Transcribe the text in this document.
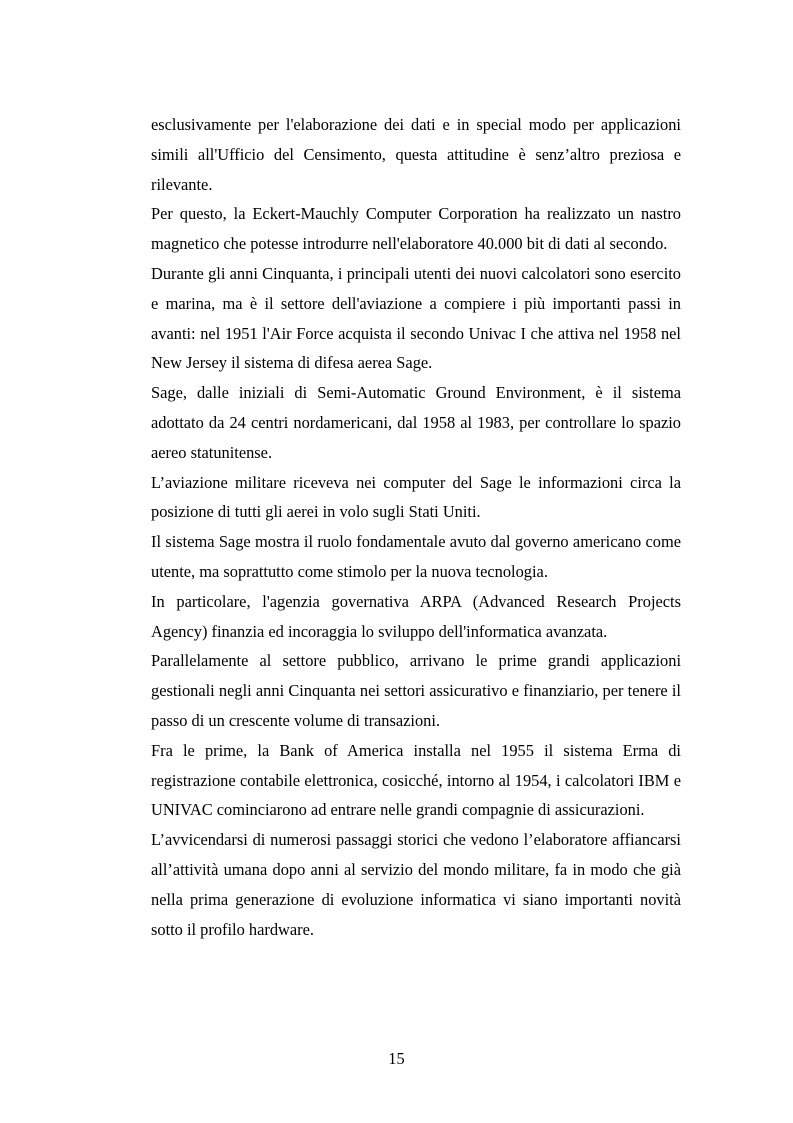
esclusivamente per l'elaborazione dei dati e in special modo per applicazioni simili all'Ufficio del Censimento, questa attitudine è senz’altro preziosa e rilevante.

Per questo, la Eckert-Mauchly Computer Corporation ha realizzato un nastro magnetico che potesse introdurre nell'elaboratore 40.000 bit di dati al secondo.

Durante gli anni Cinquanta, i principali utenti dei nuovi calcolatori sono esercito e marina, ma è il settore dell'aviazione a compiere i più importanti passi in avanti: nel 1951 l'Air Force acquista il secondo Univac I che attiva nel 1958 nel New Jersey il sistema di difesa aerea Sage.

Sage, dalle iniziali di Semi-Automatic Ground Environment, è il sistema adottato da 24 centri nordamericani, dal 1958 al 1983, per controllare lo spazio aereo statunitense.

L’aviazione militare riceveva nei computer del Sage le informazioni circa la posizione di tutti gli aerei in volo sugli Stati Uniti.

Il sistema Sage mostra il ruolo fondamentale avuto dal governo americano come utente, ma soprattutto come stimolo per la nuova tecnologia.

In particolare, l'agenzia governativa ARPA (Advanced Research Projects Agency) finanzia ed incoraggia lo sviluppo dell'informatica avanzata.

Parallelamente al settore pubblico, arrivano le prime grandi applicazioni gestionali negli anni Cinquanta nei settori assicurativo e finanziario, per tenere il passo di un crescente volume di transazioni.

Fra le prime, la Bank of America installa nel 1955 il sistema Erma di registrazione contabile elettronica, cosicché, intorno al 1954, i calcolatori IBM e UNIVAC cominciarono ad entrare nelle grandi compagnie di assicurazioni.

L’avvicendarsi di numerosi passaggi storici che vedono l’elaboratore affiancarsi all’attività umana dopo anni al servizio del mondo militare, fa in modo che già nella prima generazione di evoluzione informatica vi siano importanti novità sotto il profilo hardware.

15
